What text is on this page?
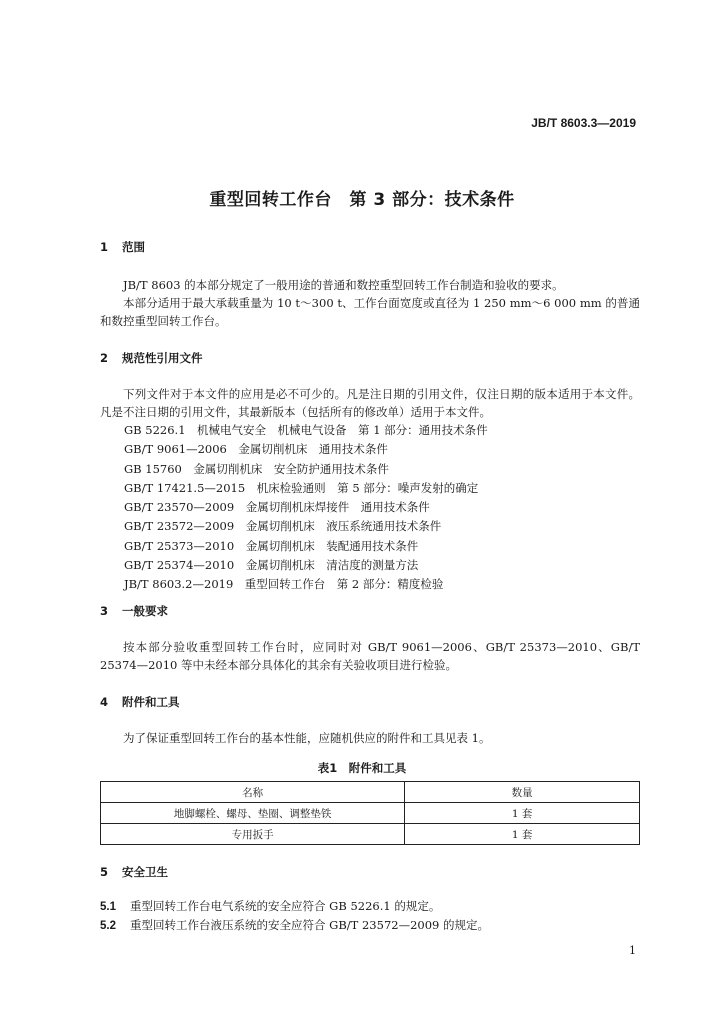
JB/T 8603.3—2019
重型回转工作台　第 3 部分：技术条件
1 范围

JB/T 8603 的本部分规定了一般用途的普通和数控重型回转工作台制造和验收的要求。

本部分适用于最大承载重量为 10 t～300 t、工作台面宽度或直径为 1 250 mm～6 000 mm 的普通和数控重型回转工作台。

2 规范性引用文件

下列文件对于本文件的应用是必不可少的。凡是注日期的引用文件，仅注日期的版本适用于本文件。凡是不注日期的引用文件，其最新版本（包括所有的修改单）适用于本文件。

GB 5226.1　 机械电气安全　机械电气设备　第 1 部分：通用技术条件
GB/T 9061—2006　 金属切削机床　通用技术条件
GB 15760　 金属切削机床　安全防护通用技术条件
GB/T 17421.5—2015　 机床检验通则　第 5 部分：噪声发射的确定
GB/T 23570—2009　 金属切削机床焊接件　通用技术条件
GB/T 23572—2009　 金属切削机床　液压系统通用技术条件
GB/T 25373—2010　 金属切削机床　装配通用技术条件
GB/T 25374—2010　 金属切削机床　清洁度的测量方法
JB/T 8603.2—2019　 重型回转工作台　第 2 部分：精度检验
3 一般要求

按本部分验收重型回转工作台时，应同时对 GB/T 9061—2006、GB/T 25373—2010、GB/T 25374—2010 等中未经本部分具体化的其余有关验收项目进行检验。

4 附件和工具

为了保证重型回转工作台的基本性能，应随机供应的附件和工具见表 1。

表1　附件和工具
名称	数量
地脚螺栓、螺母、垫圈、调整垫铁	1 套
专用扳手	1 套
5 安全卫生
5.1 重型回转工作台电气系统的安全应符合 GB 5226.1 的规定。
5.2 重型回转工作台液压系统的安全应符合 GB/T 23572—2009 的规定。
1
